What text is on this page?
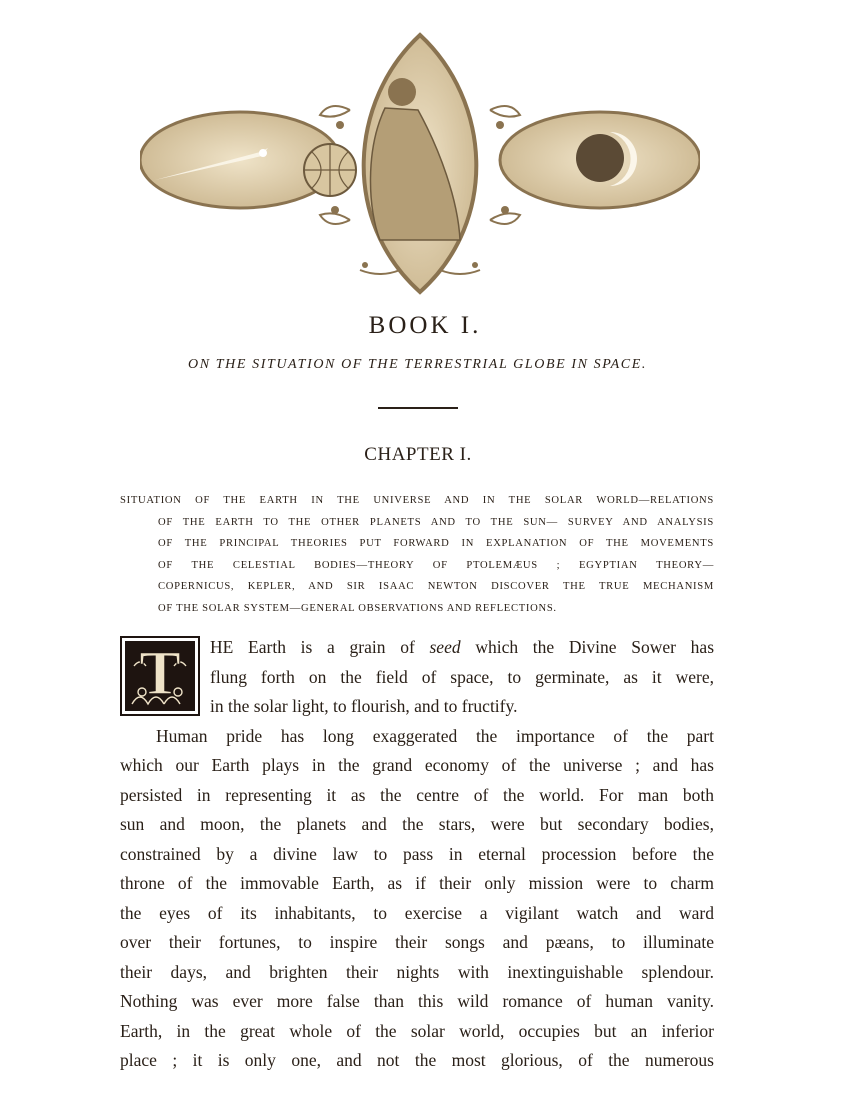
BOOK I.
ON THE SITUATION OF THE TERRESTRIAL GLOBE IN SPACE.
CHAPTER I.
SITUATION OF THE EARTH IN THE UNIVERSE AND IN THE SOLAR WORLD—RELATIONS
OF THE EARTH TO THE OTHER PLANETS AND TO THE SUN— SURVEY AND ANALYSIS
OF THE PRINCIPAL THEORIES PUT FORWARD IN EXPLANATION OF THE MOVEMENTS
OF THE CELESTIAL BODIES—THEORY OF PTOLEMÆUS ; EGYPTIAN THEORY—
COPERNICUS, KEPLER, AND SIR ISAAC NEWTON DISCOVER THE TRUE MECHANISM
OF THE SOLAR SYSTEM—GENERAL OBSERVATIONS AND REFLECTIONS.
T	HE Earth is a grain of seed which the Divine Sower has
flung forth on the field of space, to germinate, as it were,
in the solar light, to flourish, and to fructify.
Human pride has long exaggerated the importance of the part
which our Earth plays in the grand economy of the universe ; and has
persisted in representing it as the centre of the world. For man both
sun and moon, the planets and the stars, were but secondary bodies,
constrained by a divine law to pass in eternal procession before the
throne of the immovable Earth, as if their only mission were to charm
the eyes of its inhabitants, to exercise a vigilant watch and ward
over their fortunes, to inspire their songs and pæans, to illuminate
their days, and brighten their nights with inextinguishable splendour.
Nothing was ever more false than this wild romance of human vanity.
Earth, in the great whole of the solar world, occupies but an inferior
place ; it is only one, and not the most glorious, of the numerous
